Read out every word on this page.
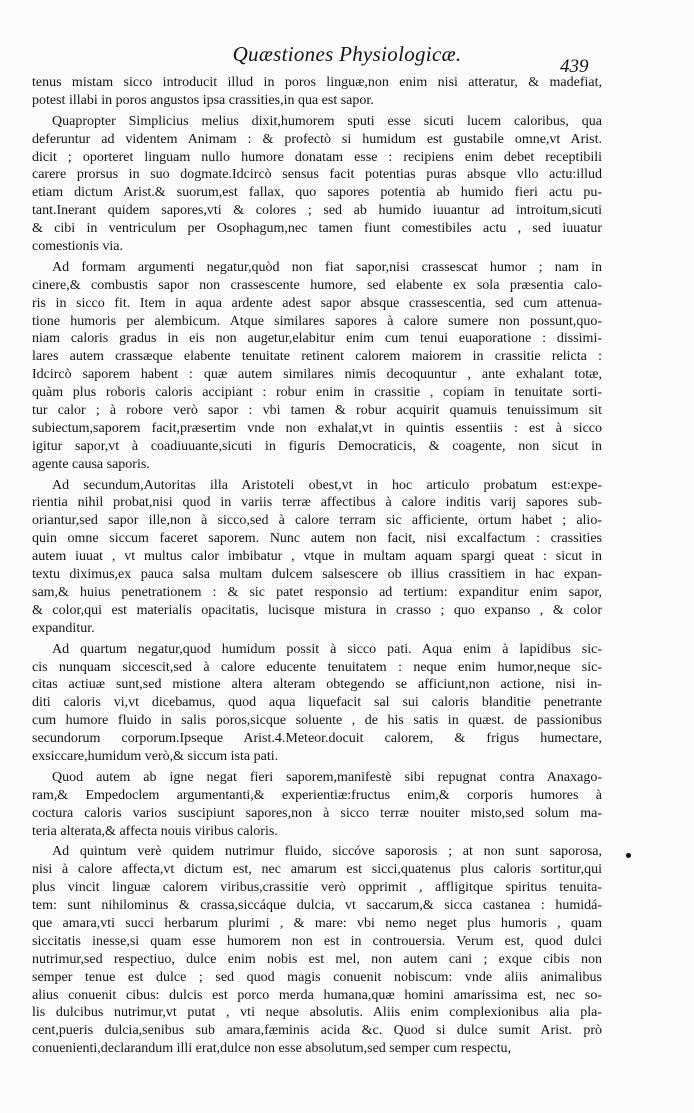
Quæstiones Physiologicæ.
439
tenus mistam sicco introducit illud in poros linguæ,non enim nisi atteratur, & madefiat,
potest illabi in poros angustos ipsa crassities,in qua est sapor.
Quapropter Simplicius melius dixit,humorem sputi esse sicuti lucem caloribus, qua
deferuntur ad videntem Animam : & profectò si humidum est gustabile omne,vt Arist.
dicit ; oporteret linguam nullo humore donatam esse : recipiens enim debet receptibili
carere prorsus in suo dogmate.Idcircò sensus facit potentias puras absque vllo actu:illud
etiam dictum Arist.& suorum,est fallax, quo sapores potentia ab humido fieri actu pu-
tant.Inerant quidem sapores,vti & colores ; sed ab humido iuuantur ad introitum,sicuti
& cibi in ventriculum per Osophagum,nec tamen fiunt comestibiles actu , sed iuuatur
comestionis via.
Ad formam argumenti negatur,quòd non fiat sapor,nisi crassescat humor ; nam in
cinere,& combustis sapor non crassescente humore, sed elabente ex sola præsentia calo-
ris in sicco fit. Item in aqua ardente adest sapor absque crassescentia, sed cum attenua-
tione humoris per alembicum. Atque similares sapores à calore sumere non possunt,quo-
niam caloris gradus in eis non augetur,elabitur enim cum tenui euaporatione : dissimi-
lares autem crassæque elabente tenuitate retinent calorem maiorem in crassitie relicta :
Idcircò saporem habent : quæ autem similares nimis decoquuntur , ante exhalant totæ,
quàm plus roboris caloris accipiant : robur enim in crassitie , copiam in tenuitate sorti-
tur calor ; à robore verò sapor : vbi tamen & robur acquirit quamuis tenuissimum sit
subiectum,saporem facit,præsertim vnde non exhalat,vt in quintis essentiis : est à sicco
igitur sapor,vt à coadiuuante,sicuti in figuris Democraticis, & coagente, non sicut in
agente causa saporis.
Ad secundum,Autoritas illa Aristoteli obest,vt in hoc articulo probatum est:expe-
rientia nihil probat,nisi quod in variis terræ affectibus à calore inditis varij sapores sub-
oriantur,sed sapor ille,non à sicco,sed à calore terram sic afficiente, ortum habet ; alio-
quin omne siccum faceret saporem. Nunc autem non facit, nisi excalfactum : crassities
autem iuuat , vt multus calor imbibatur , vtque in multam aquam spargi queat : sicut in
textu diximus,ex pauca salsa multam dulcem salsescere ob illius crassitiem in hac expan-
sam,& huius penetrationem : & sic patet responsio ad tertium: expanditur enim sapor,
& color,qui est materialis opacitatis, lucisque mistura in crasso ; quo expanso , & color
expanditur.
Ad quartum negatur,quod humidum possit à sicco pati. Aqua enim à lapidibus sic-
cis nunquam siccescit,sed à calore educente tenuitatem : neque enim humor,neque sic-
citas actiuæ sunt,sed mistione altera alteram obtegendo se afficiunt,non actione, nisi in-
diti caloris vi,vt dicebamus, quod aqua liquefacit sal sui caloris blanditie penetrante
cum humore fluido in salis poros,sicque soluente , de his satis in quæst. de passionibus
secundorum corporum.Ipseque Arist.4.Meteor.docuit calorem, & frigus humectare,
exsiccare,humidum verò,& siccum ista pati.
Quod autem ab igne negat fieri saporem,manifestè sibi repugnat contra Anaxago-
ram,& Empedoclem argumentanti,& experientiæ:fructus enim,& corporis humores à
coctura caloris varios suscipiunt sapores,non à sicco terræ nouiter misto,sed solum ma-
teria alterata,& affecta nouis viribus caloris.
Ad quintum verè quidem nutrimur fluido, siccóve saporosis ; at non sunt saporosa,
nisi à calore affecta,vt dictum est, nec amarum est sicci,quatenus plus caloris sortitur,qui
plus vincit linguæ calorem viribus,crassitie verò opprimit , affligitque spiritus tenuita-
tem: sunt nihilominus & crassa,siccáque dulcia, vt saccarum,& sicca castanea : humidá-
que amara,vti succi herbarum plurimi , & mare: vbi nemo neget plus humoris , quam
siccitatis inesse,si quam esse humorem non est in controuersia. Verum est, quod dulci
nutrimur,sed respectiuo, dulce enim nobis est mel, non autem cani ; exque cibis non
semper tenue est dulce ; sed quod magis conuenit nobiscum: vnde aliis animalibus
alius conuenit cibus: dulcis est porco merda humana,quæ homini amarissima est, nec so-
lis dulcibus nutrimur,vt putat , vti neque absolutis. Aliis enim complexionibus alia pla-
cent,pueris dulcia,senibus sub amara,fæminis acida &c. Quod si dulce sumit Arist. prò
conuenienti,declarandum illi erat,dulce non esse absolutum,sed semper cum respectu,
